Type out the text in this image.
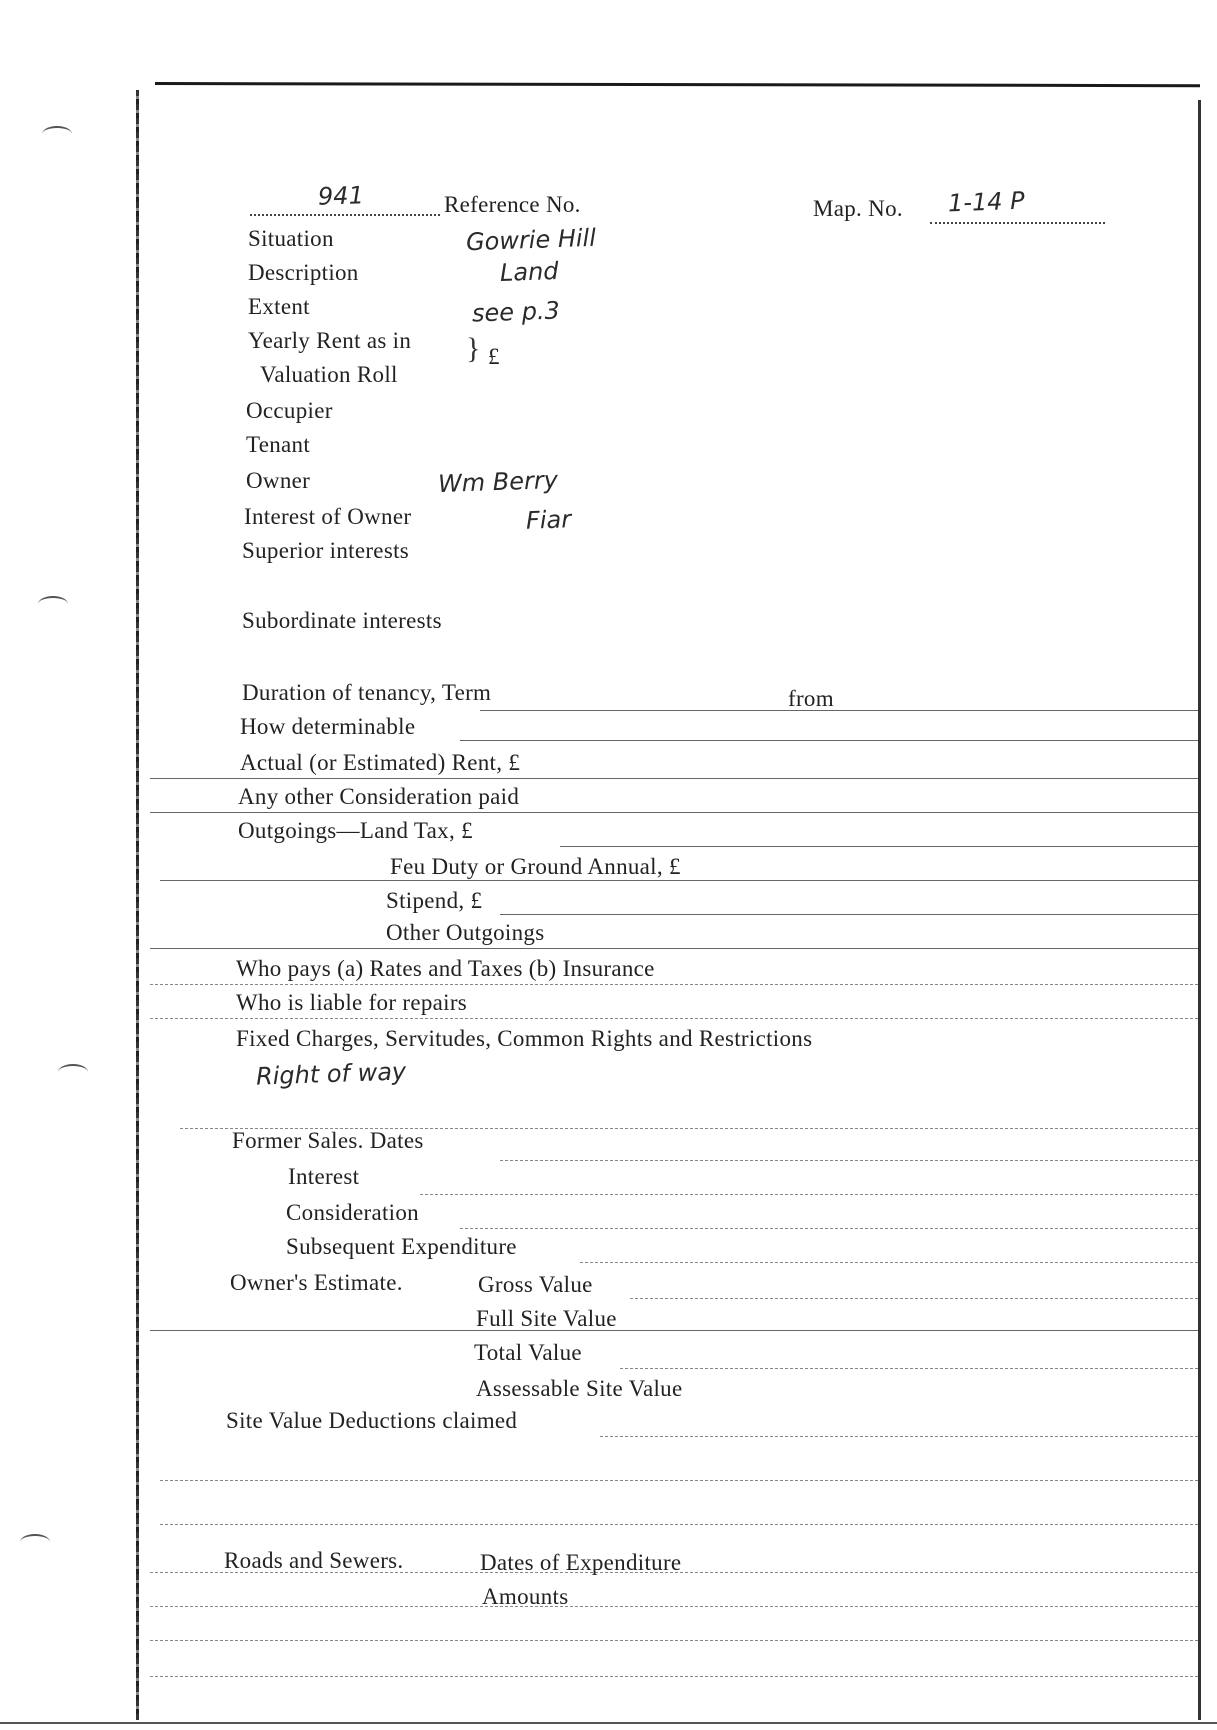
941	Reference No.	Map. No. 1-14 P
Situation	Gowrie Hill
Description	Land
Extent	see p.3
Yearly Rent as in
Valuation Roll
} £
Occupier
Tenant
Owner	Wm Berry
Interest of Owner	Fiar
Superior interests
Subordinate interests
Duration of tenancy, Term	from
How determinable
Actual (or Estimated) Rent, £
Any other Consideration paid
Outgoings—Land Tax, £
Feu Duty or Ground Annual, £
Stipend, £
Other Outgoings
Who pays (a) Rates and Taxes (b) Insurance
Who is liable for repairs
Fixed Charges, Servitudes, Common Rights and Restrictions
Right of way
Former Sales. Dates
Interest
Consideration
Subsequent Expenditure
Owner's Estimate.	Gross Value
Full Site Value
Total Value
Assessable Site Value
Site Value Deductions claimed
Roads and Sewers.	Dates of Expenditure
Amounts
